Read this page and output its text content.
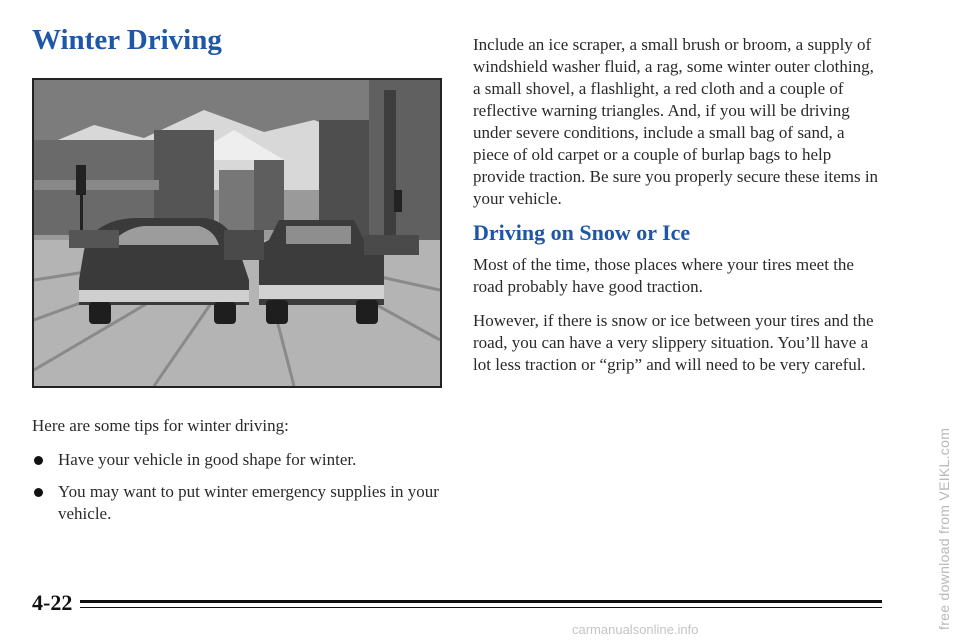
Winter Driving

Here are some tips for winter driving:

Have your vehicle in good shape for winter.
You may want to put winter emergency supplies in your vehicle.

Include an ice scraper, a small brush or broom, a supply of windshield washer fluid, a rag, some winter outer clothing, a small shovel, a flashlight, a red cloth and a couple of reflective warning triangles. And, if you will be driving under severe conditions, include a small bag of sand, a piece of old carpet or a couple of burlap bags to help provide traction. Be sure you properly secure these items in your vehicle.

Driving on Snow or Ice

Most of the time, those places where your tires meet the road probably have good traction.

However, if there is snow or ice between your tires and the road, you can have a very slippery situation. You’ll have a lot less traction or “grip” and will need to be very careful.

4-22	free download from VEIKL.com
carmanualsonline.info
